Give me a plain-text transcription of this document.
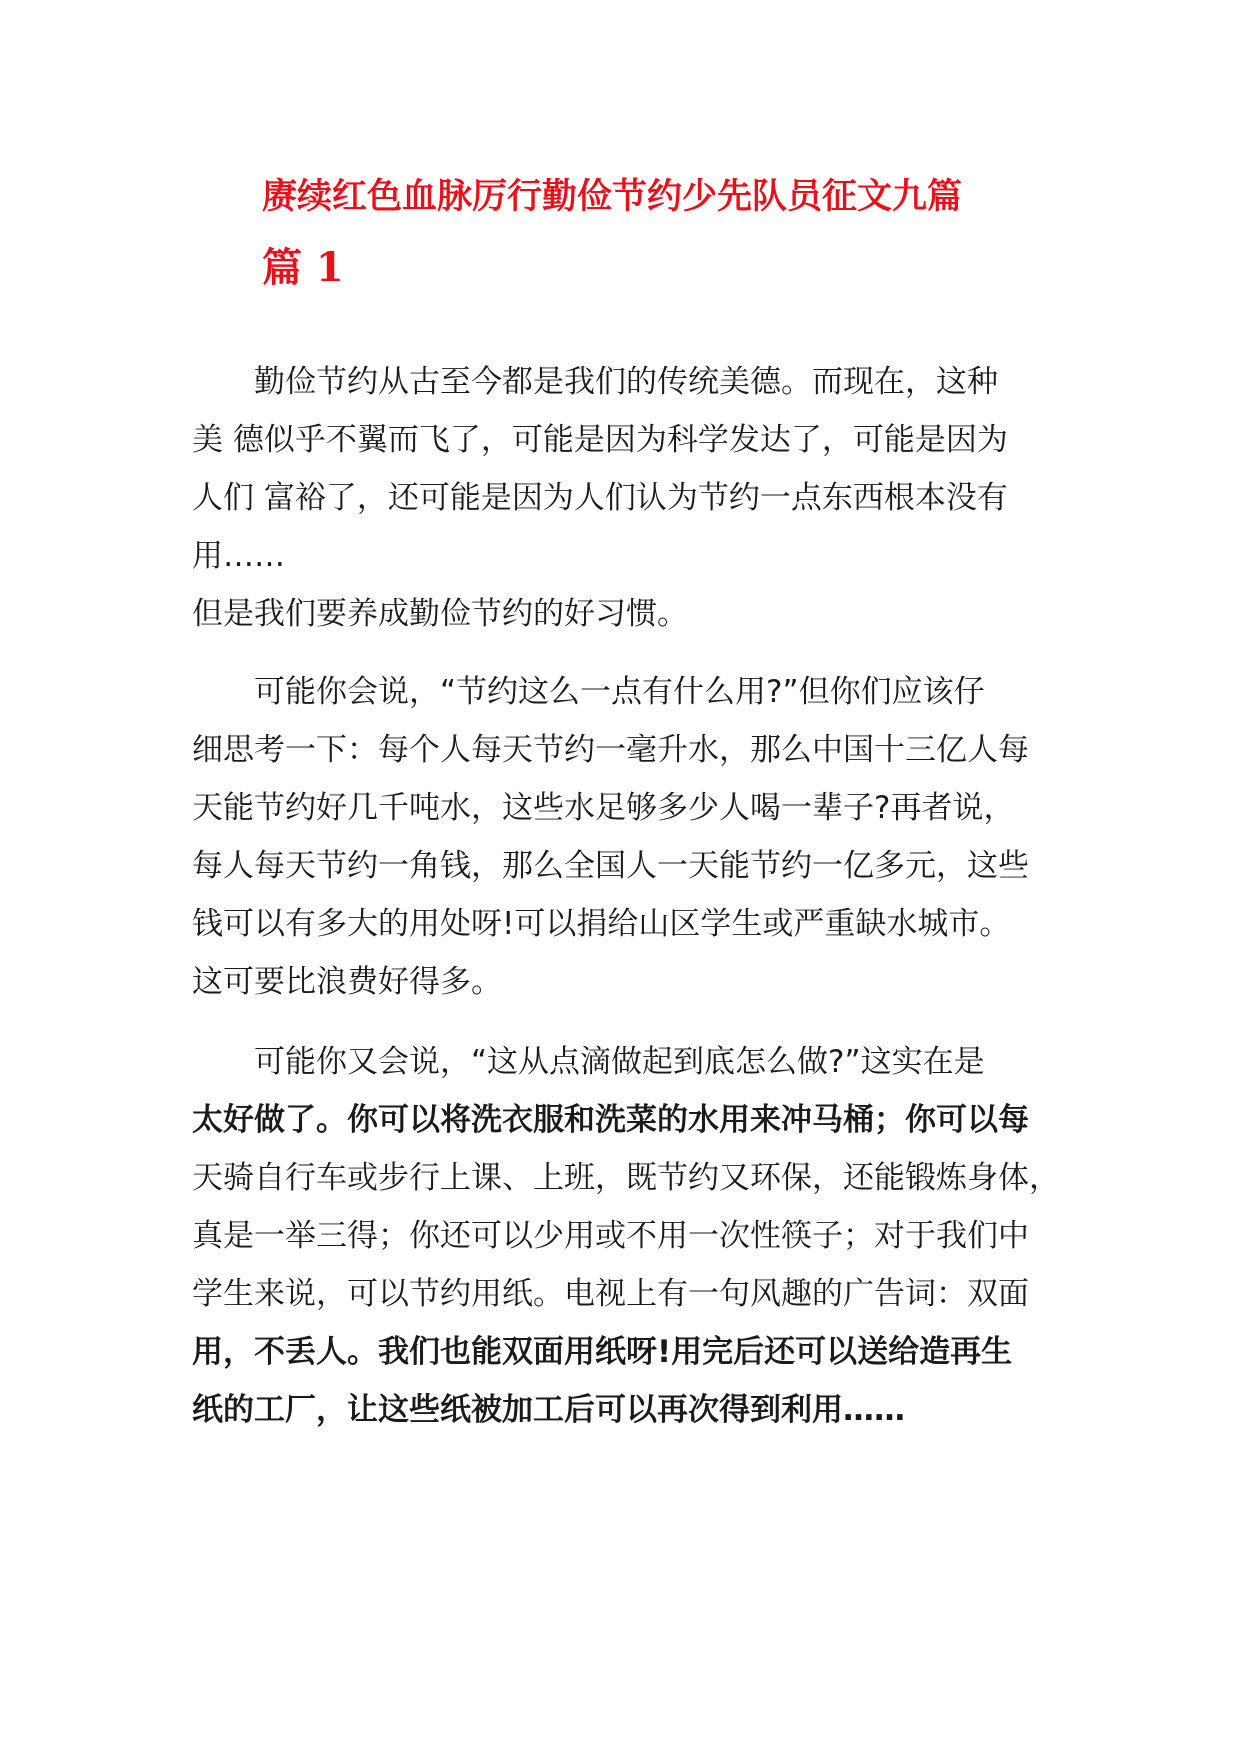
赓续红色血脉厉行勤俭节约少先队员征文九篇
篇 1
勤俭节约从古至今都是我们的传统美德。而现在，这种
美 德似乎不翼而飞了，可能是因为科学发达了，可能是因为
人们 富裕了，还可能是因为人们认为节约一点东西根本没有
用……
但是我们要养成勤俭节约的好习惯。
可能你会说，“节约这么一点有什么用?”但你们应该仔
细思考一下：每个人每天节约一毫升水，那么中国十三亿人每
天能节约好几千吨水，这些水足够多少人喝一辈子?再者说，
每人每天节约一角钱，那么全国人一天能节约一亿多元，这些
钱可以有多大的用处呀!可以捐给山区学生或严重缺水城市。
这可要比浪费好得多。
可能你又会说，“这从点滴做起到底怎么做?”这实在是
太好做了。你可以将洗衣服和洗菜的水用来冲马桶；你可以每
天骑自行车或步行上课、上班，既节约又环保，还能锻炼身体，
真是一举三得；你还可以少用或不用一次性筷子；对于我们中
学生来说，可以节约用纸。电视上有一句风趣的广告词：双面
用，不丢人。我们也能双面用纸呀!用完后还可以送给造再生
纸的工厂，让这些纸被加工后可以再次得到利用……
